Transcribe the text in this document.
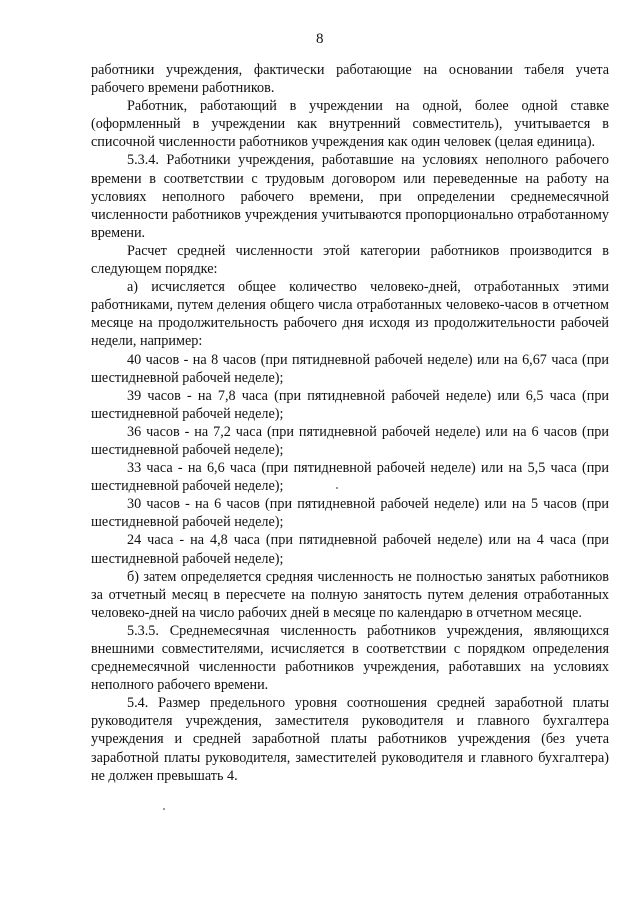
8

работники учреждения, фактически работающие на основании табеля учета рабочего времени работников.

Работник, работающий в учреждении на одной, более одной ставке (оформленный в учреждении как внутренний совместитель), учитывается в списочной численности работников учреждения как один человек (целая единица).

5.3.4. Работники учреждения, работавшие на условиях неполного рабочего времени в соответствии с трудовым договором или переведенные на работу на условиях неполного рабочего времени, при определении среднемесячной численности работников учреждения учитываются пропорционально отработанному времени.

Расчет средней численности этой категории работников производится в следующем порядке:

а) исчисляется общее количество человеко-дней, отработанных этими работниками, путем деления общего числа отработанных человеко-часов в отчетном месяце на продолжительность рабочего дня исходя из продолжительности рабочей недели, например:

40 часов - на 8 часов (при пятидневной рабочей неделе) или на 6,67 часа (при шестидневной рабочей неделе);

39 часов - на 7,8 часа (при пятидневной рабочей неделе) или 6,5 часа (при шестидневной рабочей неделе);

36 часов - на 7,2 часа (при пятидневной рабочей неделе) или на 6 часов (при шестидневной рабочей неделе);

33 часа - на 6,6 часа (при пятидневной рабочей неделе) или на 5,5 часа (при шестидневной рабочей неделе);

30 часов - на 6 часов (при пятидневной рабочей неделе) или на 5 часов (при шестидневной рабочей неделе);

24 часа - на 4,8 часа (при пятидневной рабочей неделе) или на 4 часа (при шестидневной рабочей неделе);

б) затем определяется средняя численность не полностью занятых работников за отчетный месяц в пересчете на полную занятость путем деления отработанных человеко-дней на число рабочих дней в месяце по календарю в отчетном месяце.

5.3.5. Среднемесячная численность работников учреждения, являющихся внешними совместителями, исчисляется в соответствии с порядком определения среднемесячной численности работников учреждения, работавших на условиях неполного рабочего времени.

5.4. Размер предельного уровня соотношения средней заработной платы руководителя учреждения, заместителя руководителя и главного бухгалтера учреждения и средней заработной платы работников учреждения (без учета заработной платы руководителя, заместителей руководителя и главного бухгалтера) не должен превышать 4.
